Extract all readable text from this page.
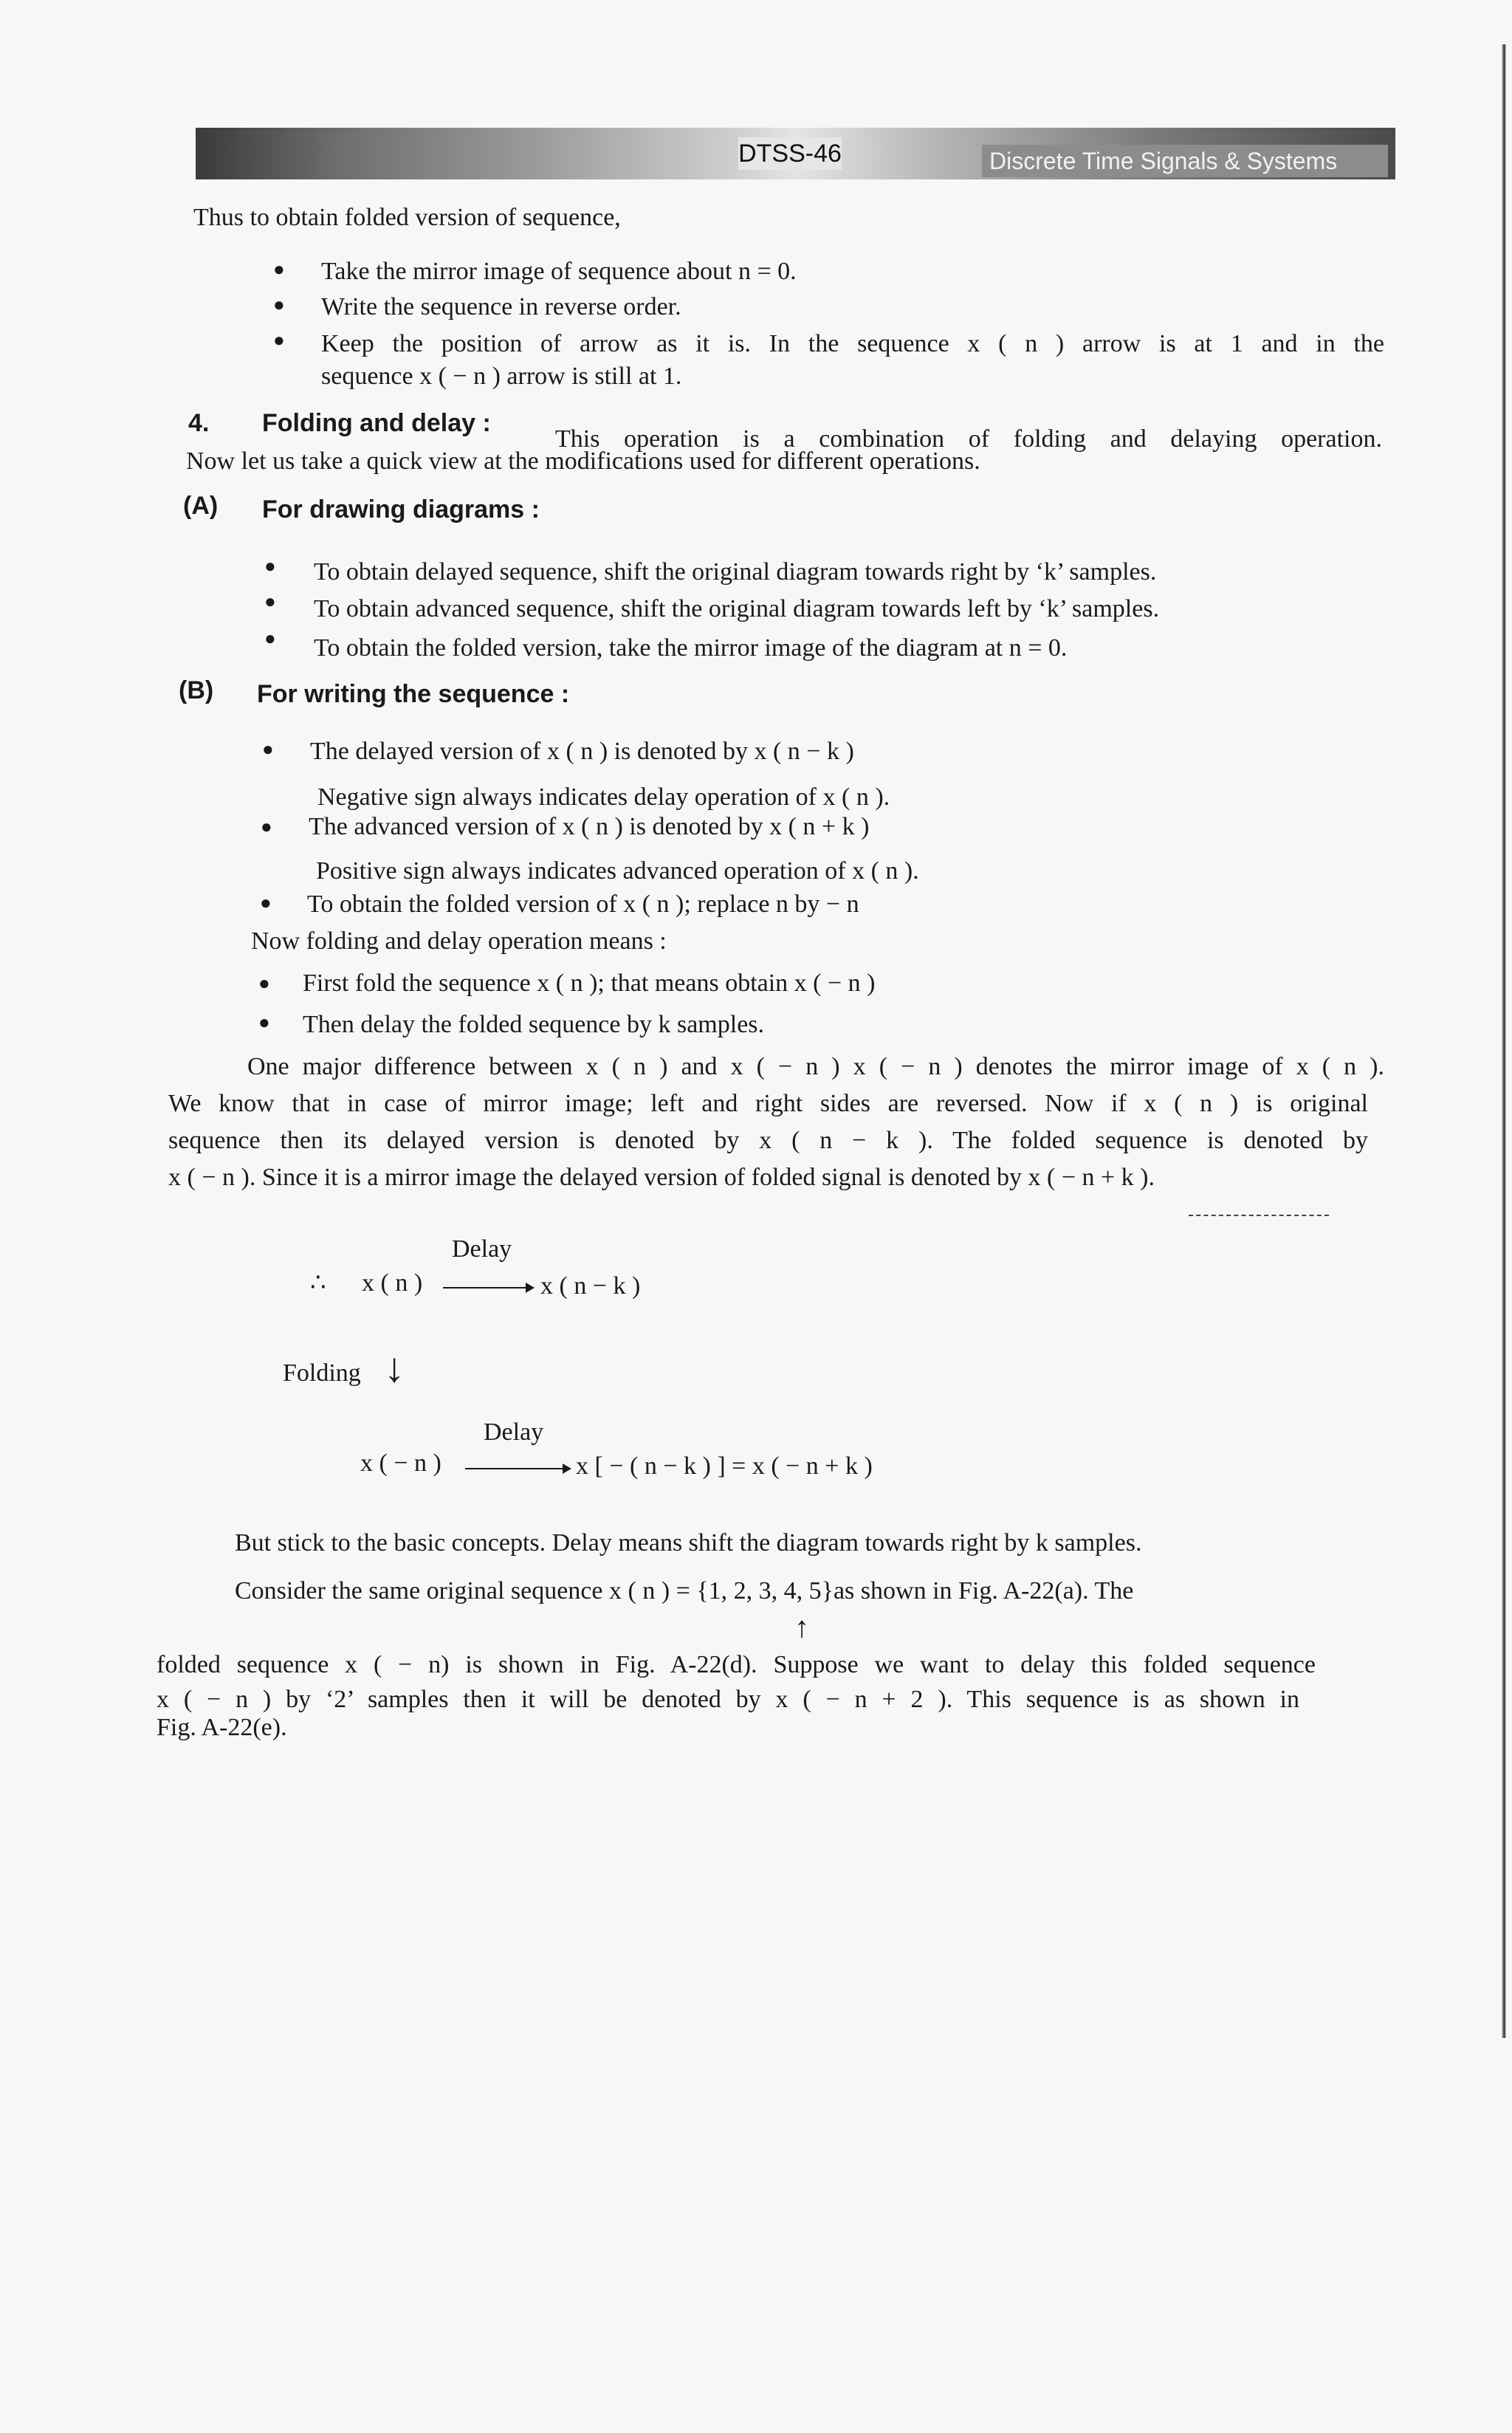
DTSS-46	Discrete Time Signals & Systems
Thus to obtain folded version of sequence,
● Take the mirror image of sequence about n = 0.
● Write the sequence in reverse order.
● Keep the position of arrow as it is. In the sequence x ( n ) arrow is at 1 and in the
sequence x ( − n ) arrow is still at 1.
4. Folding and delay :
This operation is a combination of folding and delaying operation.
Now let us take a quick view at the modifications used for different operations.
(A) For drawing diagrams :
● To obtain delayed sequence, shift the original diagram towards right by ‘k’ samples.
● To obtain advanced sequence, shift the original diagram towards left by ‘k’ samples.
● To obtain the folded version, take the mirror image of the diagram at n = 0.
(B) For writing the sequence :
● The delayed version of x ( n ) is denoted by x ( n − k )
Negative sign always indicates delay operation of x ( n ).
● The advanced version of x ( n ) is denoted by x ( n + k )
Positive sign always indicates advanced operation of x ( n ).
● To obtain the folded version of x ( n ); replace n by − n
Now folding and delay operation means :
● First fold the sequence x ( n ); that means obtain x ( − n )
● Then delay the folded sequence by k samples.
One major difference between x ( n ) and x ( − n ) x ( − n ) denotes the mirror image of x ( n ).
We know that in case of mirror image; left and right sides are reversed. Now if x ( n ) is original
sequence then its delayed version is denoted by x ( n − k ). The folded sequence is denoted by
x ( − n ). Since it is a mirror image the delayed version of folded signal is denoted by x ( − n + k ).
Delay
∴ x ( n )	x ( n − k )
Folding ↓
Delay
x ( − n )	x [ − ( n − k ) ] = x ( − n + k )
But stick to the basic concepts. Delay means shift the diagram towards right by k samples.
Consider the same original sequence x ( n ) = {1, 2, 3, 4, 5}as shown in Fig. A-22(a). The
↑
folded sequence x ( − n) is shown in Fig. A-22(d). Suppose we want to delay this folded sequence
x ( − n ) by ‘2’ samples then it will be denoted by x ( − n + 2 ). This sequence is as shown in
Fig. A-22(e).
